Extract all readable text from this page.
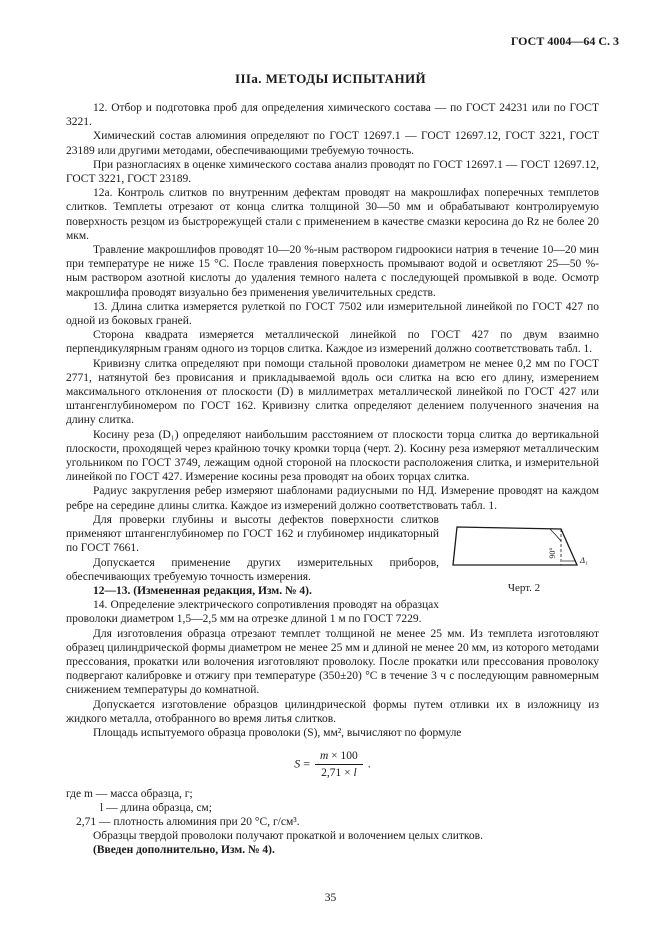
ГОСТ 4004—64 С. 3
IIIа. МЕТОДЫ ИСПЫТАНИЙ

12. Отбор и подготовка проб для определения химического состава — по ГОСТ 24231 или по ГОСТ 3221.

Химический состав алюминия определяют по ГОСТ 12697.1 — ГОСТ 12697.12, ГОСТ 3221, ГОСТ 23189 или другими методами, обеспечивающими требуемую точность.

При разногласиях в оценке химического состава анализ проводят по ГОСТ 12697.1 — ГОСТ 12697.12, ГОСТ 3221, ГОСТ 23189.

12а. Контроль слитков по внутренним дефектам проводят на макрошлифах поперечных темплетов слитков. Темплеты отрезают от конца слитка толщиной 30—50 мм и обрабатывают контролируемую поверхность резцом из быстрорежущей стали с применением в качестве смазки керосина до Rz не более 20 мкм.

Травление макрошлифов проводят 10—20 %-ным раствором гидроокиси натрия в течение 10—20 мин при температуре не ниже 15 °С. После травления поверхность промывают водой и осветляют 25—50 %-ным раствором азотной кислоты до удаления темного налета с последующей промывкой в воде. Осмотр макрошлифа проводят визуально без применения увеличительных средств.

13. Длина слитка измеряется рулеткой по ГОСТ 7502 или измерительной линейкой по ГОСТ 427 по одной из боковых граней.

Сторона квадрата измеряется металлической линейкой по ГОСТ 427 по двум взаимно перпендикулярным граням одного из торцов слитка. Каждое из измерений должно соответствовать табл. 1.

Кривизну слитка определяют при помощи стальной проволоки диаметром не менее 0,2 мм по ГОСТ 2771, натянутой без провисания и прикладываемой вдоль оси слитка на всю его длину, измерением максимального отклонения от плоскости (D) в миллиметрах металлической линейкой по ГОСТ 427 или штангенглубиномером по ГОСТ 162. Кривизну слитка определяют делением полученного значения на длину слитка.

Косину реза (D₁) определяют наибольшим расстоянием от плоскости торца слитка до вертикальной плоскости, проходящей через крайнюю точку кромки торца (черт. 2). Косину реза измеряют металлическим угольником по ГОСТ 3749, лежащим одной стороной на плоскости расположения слитка, и измерительной линейкой по ГОСТ 427. Измерение косины реза проводят на обоих торцах слитка.

Радиус закругления ребер измеряют шаблонами радиусными по НД. Измерение проводят на каждом ребре на середине длины слитка. Каждое из измерений должно соответствовать табл. 1.

90°
Δ₁
Черт. 2

Для проверки глубины и высоты дефектов поверхности слитков применяют штангенглубиномер по ГОСТ 162 и глубиномер индикаторный по ГОСТ 7661.

Допускается применение других измерительных приборов, обеспечивающих требуемую точность измерения.

12—13. (Измененная редакция, Изм. № 4).

14. Определение электрического сопротивления проводят на образцах проволоки диаметром 1,5—2,5 мм на отрезке длиной 1 м по ГОСТ 7229.

Для изготовления образца отрезают темплет толщиной не менее 25 мм. Из темплета изготовляют образец цилиндрической формы диаметром не менее 25 мм и длиной не менее 20 мм, из которого методами прессования, прокатки или волочения изготовляют проволоку. После прокатки или прессования проволоку подвергают калибровке и отжигу при температуре (350±20) °С в течение 3 ч с последующим равномерным снижением температуры до комнатной.

Допускается изготовление образцов цилиндрической формы путем отливки их в изложницу из жидкого металла, отобранного во время литья слитков.

Площадь испытуемого образца проволоки (S), мм², вычисляют по формуле

$S = \frac{m \times 100}{2,71 \times l}$ .
где m — масса образца, г;
l — длина образца, см;
2,71 — плотность алюминия при 20 °С, г/см³.

Образцы твердой проволоки получают прокаткой и волочением целых слитков.

(Введен дополнительно, Изм. № 4).

35
